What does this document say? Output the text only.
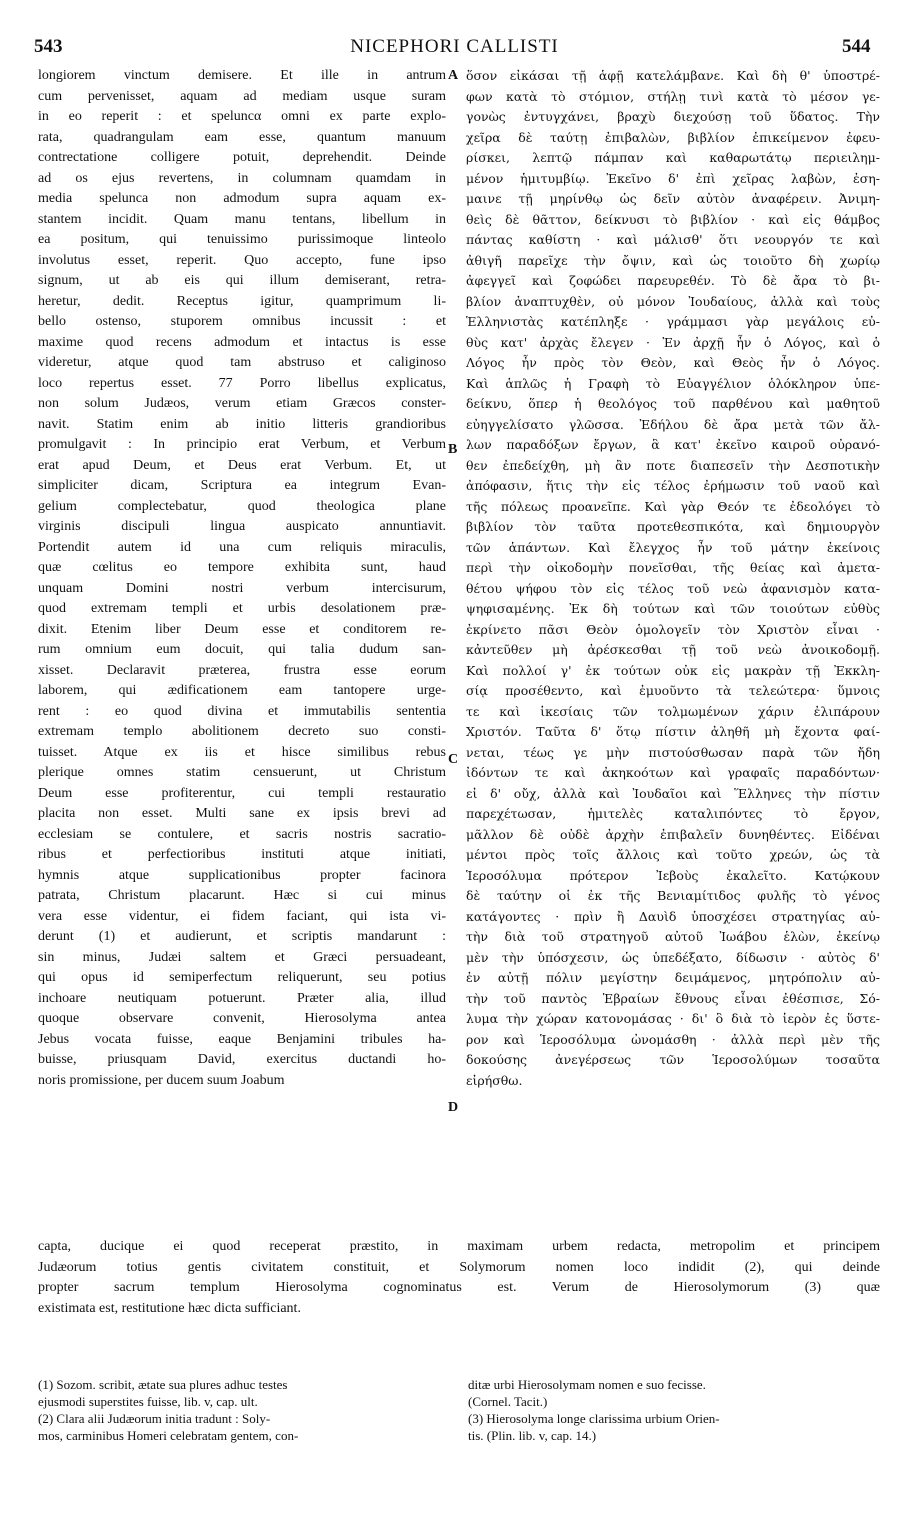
543	NICEPHORI CALLISTI	544
A
B
C
D
longiorem vinctum demisere. Et ille in antrum
cum pervenisset, aquam ad mediam usque suram
in eo reperit : et speluncα omni ex parte explo-
rata, quadrangulam eam esse, quantum manuum
contrectatione colligere potuit, deprehendit. Deinde
ad os ejus revertens, in columnam quamdam in
media spelunca non admodum supra aquam ex-
stantem incidit. Quam manu tentans, libellum in
ea positum, qui tenuissimo purissimoque linteolo
involutus esset, reperit. Quo accepto, fune ipso
signum, ut ab eis qui illum demiserant, retra-
heretur, dedit. Receptus igitur, quamprimum li-
bello ostenso, stuporem omnibus incussit : et
maxime quod recens admodum et intactus is esse
videretur, atque quod tam abstruso et caliginoso
loco repertus esset. 77 Porro libellus explicatus,
non solum Judæos, verum etiam Græcos conster-
navit. Statim enim ab initio litteris grandioribus
promulgavit : In principio erat Verbum, et Verbum
erat apud Deum, et Deus erat Verbum. Et, ut
simpliciter dicam, Scriptura ea integrum Evan-
gelium complectebatur, quod theologica plane
virginis discipuli lingua auspicato annuntiavit.
Portendit autem id una cum reliquis miraculis,
quæ cœlitus eo tempore exhibita sunt, haud
unquam Domini nostri verbum intercisurum,
quod extremam templi et urbis desolationem præ-
dixit. Etenim liber Deum esse et conditorem re-
rum omnium eum docuit, qui talia dudum san-
xisset. Declaravit præterea, frustra esse eorum
laborem, qui ædificationem eam tantopere urge-
rent : eo quod divina et immutabilis sententia
extremam templo abolitionem decreto suo consti-
tuisset. Atque ex iis et hisce similibus rebus
plerique omnes statim censuerunt, ut Christum
Deum esse profiterentur, cui templi restauratio
placita non esset. Multi sane ex ipsis brevi ad
ecclesiam se contulere, et sacris nostris sacratio-
ribus et perfectioribus instituti atque initiati,
hymnis atque supplicationibus propter facinora
patrata, Christum placarunt. Hæc si cui minus
vera esse videntur, ei fidem faciant, qui ista vi-
derunt (1) et audierunt, et scriptis mandarunt :
sin minus, Judæi saltem et Græci persuadeant,
qui opus id semiperfectum reliquerunt, seu potius
inchoare neutiquam potuerunt. Præter alia, illud
quoque observare convenit, Hierosolyma antea
Jebus vocata fuisse, eaque Benjamini tribules ha-
buisse, priusquam David, exercitus ductandi ho-
noris promissione, per ducem suum Joabum
ὅσον εἰκάσαι τῇ ἁφῇ κατελάμβανε. Καὶ δὴ θ' ὑποστρέ-
φων κατὰ τὸ στόμιον, στήλῃ τινὶ κατὰ τὸ μέσον γε-
γονὼς ἐντυγχάνει, βραχὺ διεχούσῃ τοῦ ὕδατος. Τὴν
χεῖρα δὲ ταύτῃ ἐπιβαλὼν, βιβλίον ἐπικείμενον ἐφευ-
ρίσκει, λεπτῷ πάμπαν καὶ καθαρωτάτῳ περιειλημ-
μένον ἡμιτυμβίῳ. Ἐκεῖνο δ' ἐπὶ χεῖρας λαβὼν, ἐση-
μαινε τῇ μηρίνθῳ ὡς δεῖν αὐτὸν ἀναφέρειν. Ἀνιμη-
θεὶς δὲ θᾶττον, δείκνυσι τὸ βιβλίον · καὶ εἰς θάμβος
πάντας καθίστη · καὶ μάλισθ' ὅτι νεουργόν τε καὶ
ἀθιγῆ παρεῖχε τὴν ὄψιν, καὶ ὡς τοιοῦτο δὴ χωρίῳ
ἀφεγγεῖ καὶ ζοφώδει παρευρεθέν. Τὸ δὲ ἄρα τὸ βι-
βλίον ἀναπτυχθὲν, οὐ μόνον Ἰουδαίους, ἀλλὰ καὶ τοὺς
Ἑλληνιστὰς κατέπληξε · γράμμασι γὰρ μεγάλοις εὐ-
θὺς κατ' ἀρχὰς ἔλεγεν · Ἐν ἀρχῇ ἦν ὁ Λόγος, καὶ ὁ
Λόγος ἦν πρὸς τὸν Θεὸν, καὶ Θεὸς ἦν ὁ Λόγος.
Καὶ ἁπλῶς ἡ Γραφὴ τὸ Εὐαγγέλιον ὁλόκληρον ὑπε-
δείκνυ, ὅπερ ἡ θεολόγος τοῦ παρθένου καὶ μαθητοῦ
εὐηγγελίσατο γλῶσσα. Ἐδήλου δὲ ἄρα μετὰ τῶν ἄλ-
λων παραδόξων ἔργων, ἃ κατ' ἐκεῖνο καιροῦ οὐρανό-
θεν ἐπεδείχθη, μὴ ἂν ποτε διαπεσεῖν τὴν Δεσποτικὴν
ἀπόφασιν, ἥτις τὴν εἰς τέλος ἐρήμωσιν τοῦ ναοῦ καὶ
τῆς πόλεως προανεῖπε. Καὶ γὰρ Θεόν τε ἐδεολόγει τὸ
βιβλίον τὸν ταῦτα προτεθεσπικότα, καὶ δημιουργὸν
τῶν ἁπάντων. Καὶ ἔλεγχος ἦν τοῦ μάτην ἐκείνοις
περὶ τὴν οἰκοδομὴν πονεῖσθαι, τῆς θείας καὶ ἀμετα-
θέτου ψήφου τὸν εἰς τέλος τοῦ νεὼ ἀφανισμὸν κατα-
ψηφισαμένης. Ἐκ δὴ τούτων καὶ τῶν τοιούτων εὐθὺς
ἐκρίνετο πᾶσι Θεὸν ὁμολογεῖν τὸν Χριστὸν εἶναι ·
κἀντεῦθεν μὴ ἀρέσκεσθαι τῇ τοῦ νεὼ ἀνοικοδομῇ.
Καὶ πολλοί γ' ἐκ τούτων οὐκ εἰς μακρὰν τῇ Ἐκκλη-
σίᾳ προσέθεντο, καὶ ἐμυοῦντο τὰ τελεώτερα· ὕμνοις
τε καὶ ἱκεσίαις τῶν τολμωμένων χάριν ἐλιπάρουν
Χριστόν. Ταῦτα δ' ὅτῳ πίστιν ἀληθῆ μὴ ἔχοντα φαί-
νεται, τέως γε μὴν πιστούσθωσαν παρὰ τῶν ἤδη
ἰδόντων τε καὶ ἀκηκοότων καὶ γραφαῖς παραδόντων·
εἰ δ' οὔχ, ἀλλὰ καὶ Ἰουδαῖοι καὶ Ἕλληνες τὴν πίστιν
παρεχέτωσαν, ἡμιτελὲς καταλιπόντες τὸ ἔργον,
μᾶλλον δὲ οὐδὲ ἀρχὴν ἐπιβαλεῖν δυνηθέντες. Εἰδέναι
μέντοι πρὸς τοῖς ἄλλοις καὶ τοῦτο χρεών, ὡς τὰ
Ἱεροσόλυμα πρότερον Ἰεβοὺς ἐκαλεῖτο. Κατῴκουν
δὲ ταύτην οἱ ἐκ τῆς Βενιαμίτιδος φυλῆς τὸ γένος
κατάγοντες · πρὶν ἢ Δαυὶδ ὑποσχέσει στρατηγίας αὐ-
τὴν διὰ τοῦ στρατηγοῦ αὐτοῦ Ἰωάβου ἑλὼν, ἐκείνῳ
μὲν τὴν ὑπόσχεσιν, ὡς ὑπεδέξατο, δίδωσιν · αὐτὸς δ'
ἐν αὐτῇ πόλιν μεγίστην δειμάμενος, μητρόπολιν αὐ-
τὴν τοῦ παντὸς Ἑβραίων ἔθνους εἶναι ἐθέσπισε, Σό-
λυμα τὴν χώραν κατονομάσας · δι' ὃ διὰ τὸ ἱερὸν ἐς ὕστε-
ρον καὶ Ἱεροσόλυμα ὠνομάσθη · ἀλλὰ περὶ μὲν τῆς
δοκούσης ἀνεγέρσεως τῶν Ἱεροσολύμων τοσαῦτα
εἰρήσθω.
capta, ducique ei quod receperat præstito, in maximam urbem redacta, metropolim et principem
Judæorum totius gentis civitatem constituit, et Solymorum nomen loco indidit (2), qui deinde
propter sacrum templum Hierosolyma cognominatus est. Verum de Hierosolymorum (3) quæ
existimata est, restitutione hæc dicta sufficiant.
(1) Sozom. scribit, ætate sua plures adhuc testes
ejusmodi superstites fuisse, lib. v, cap. ult.
(2) Clara alii Judæorum initia tradunt : Soly-
mos, carminibus Homeri celebratam gentem, con-
ditæ urbi Hierosolymam nomen e suo fecisse.
(Cornel. Tacit.)
(3) Hierosolyma longe clarissima urbium Orien-
tis. (Plin. lib. v, cap. 14.)
